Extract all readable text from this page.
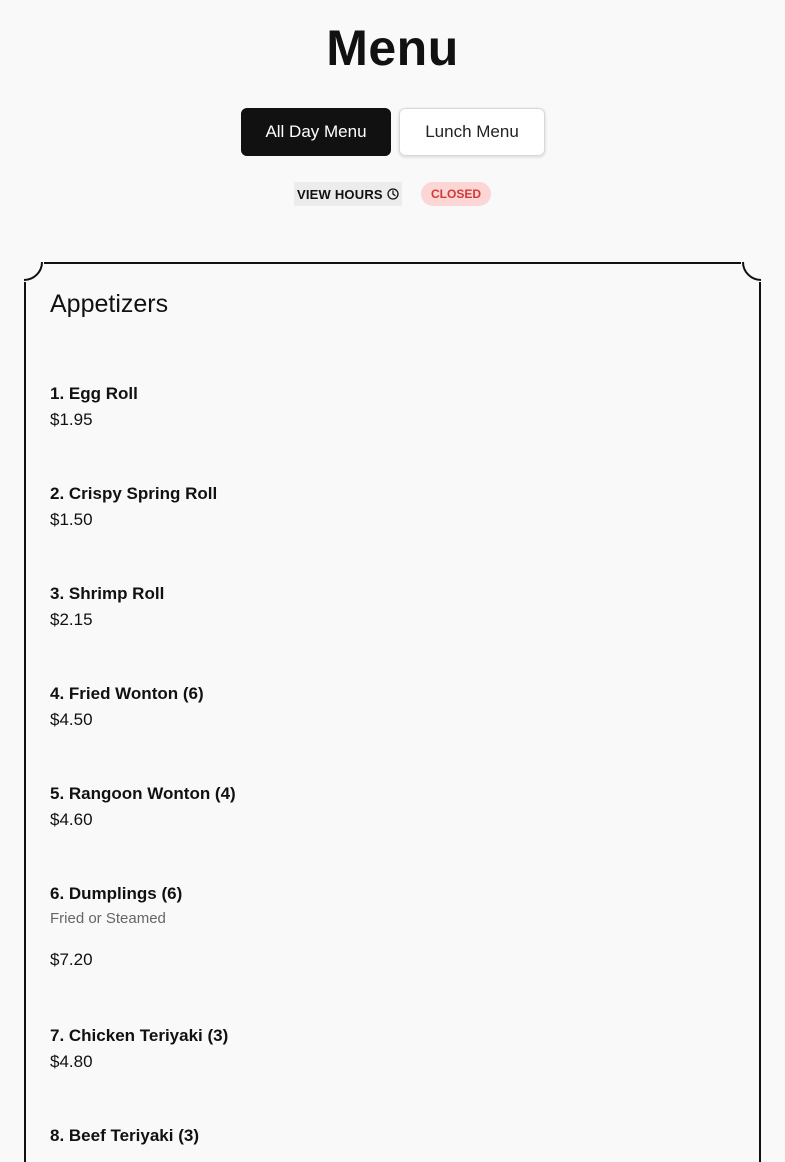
Menu
All Day Menu	Lunch Menu
VIEW HOURS	CLOSED
Appetizers
1. Egg Roll
$1.95
2. Crispy Spring Roll
$1.50
3. Shrimp Roll
$2.15
4. Fried Wonton (6)
$4.50
5. Rangoon Wonton (4)
$4.60
6. Dumplings (6)
Fried or Steamed
$7.20
7. Chicken Teriyaki (3)
$4.80
8. Beef Teriyaki (3)
